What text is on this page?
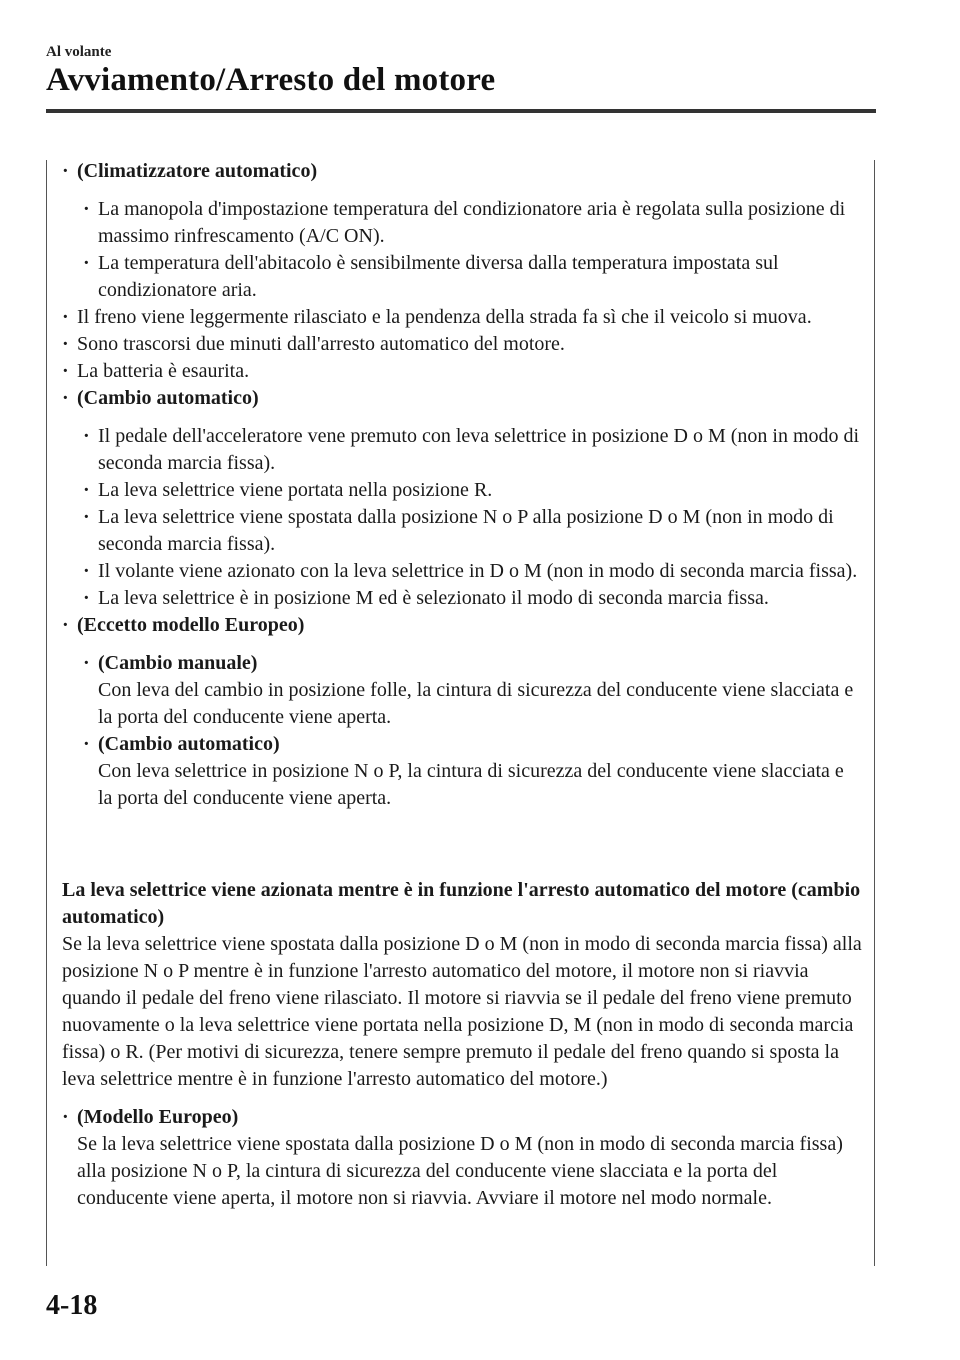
Al volante
Avviamento/Arresto del motore
· (Climatizzatore automatico)
· La manopola d'impostazione temperatura del condizionatore aria è regolata sulla posizione di massimo rinfrescamento (A/C ON).
· La temperatura dell'abitacolo è sensibilmente diversa dalla temperatura impostata sul condizionatore aria.
· Il freno viene leggermente rilasciato e la pendenza della strada fa sì che il veicolo si muova.
· Sono trascorsi due minuti dall'arresto automatico del motore.
· La batteria è esaurita.
· (Cambio automatico)
· Il pedale dell'acceleratore vene premuto con leva selettrice in posizione D o M (non in modo di seconda marcia fissa).
· La leva selettrice viene portata nella posizione R.
· La leva selettrice viene spostata dalla posizione N o P alla posizione D o M (non in modo di seconda marcia fissa).
· Il volante viene azionato con la leva selettrice in D o M (non in modo di seconda marcia fissa).
· La leva selettrice è in posizione M ed è selezionato il modo di seconda marcia fissa.
· (Eccetto modello Europeo)
· (Cambio manuale)
Con leva del cambio in posizione folle, la cintura di sicurezza del conducente viene slacciata e la porta del conducente viene aperta.
· (Cambio automatico)
Con leva selettrice in posizione N o P, la cintura di sicurezza del conducente viene slacciata e la porta del conducente viene aperta.
La leva selettrice viene azionata mentre è in funzione l'arresto automatico del motore (cambio automatico)
Se la leva selettrice viene spostata dalla posizione D o M (non in modo di seconda marcia fissa) alla posizione N o P mentre è in funzione l'arresto automatico del motore, il motore non si riavvia quando il pedale del freno viene rilasciato. Il motore si riavvia se il pedale del freno viene premuto nuovamente o la leva selettrice viene portata nella posizione D, M (non in modo di seconda marcia fissa) o R. (Per motivi di sicurezza, tenere sempre premuto il pedale del freno quando si sposta la leva selettrice mentre è in funzione l'arresto automatico del motore.)
· (Modello Europeo)
Se la leva selettrice viene spostata dalla posizione D o M (non in modo di seconda marcia fissa) alla posizione N o P, la cintura di sicurezza del conducente viene slacciata e la porta del conducente viene aperta, il motore non si riavvia. Avviare il motore nel modo normale.
4-18
